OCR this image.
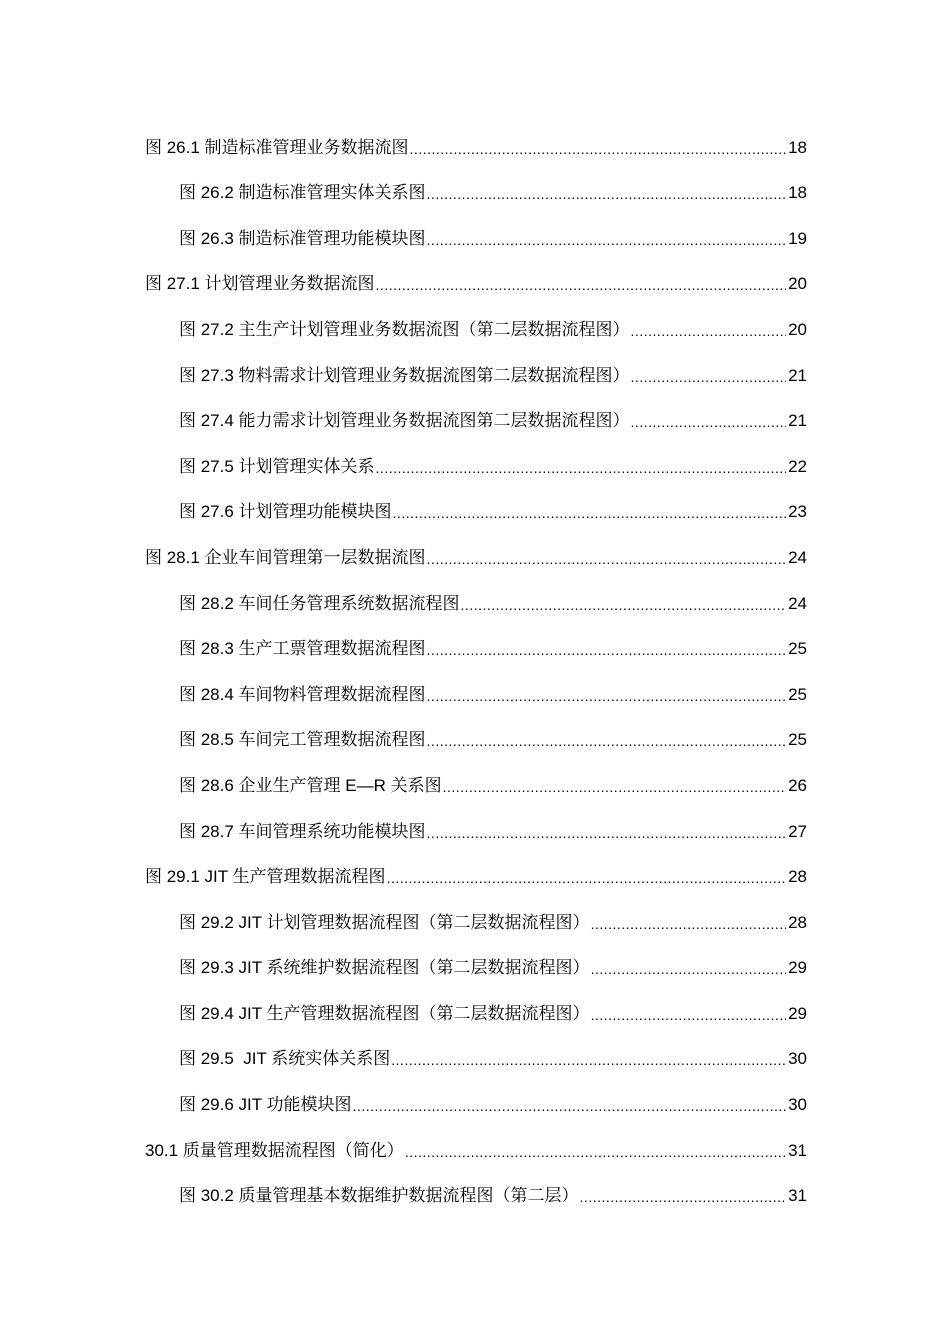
图 26.1 制造标准管理业务数据流图 .....	18
图 26.2 制造标准管理实体关系图 .....	18
图 26.3 制造标准管理功能模块图 .....	19
图 27.1 计划管理业务数据流图 .....	20
图 27.2 主生产计划管理业务数据流图（第二层数据流程图） .....	20
图 27.3 物料需求计划管理业务数据流图第二层数据流程图） .....	21
图 27.4 能力需求计划管理业务数据流图第二层数据流程图） .....	21
图 27.5 计划管理实体关系 .....	22
图 27.6 计划管理功能模块图 .....	23
图 28.1 企业车间管理第一层数据流图 .....	24
图 28.2 车间任务管理系统数据流程图 .....	24
图 28.3 生产工票管理数据流程图 .....	25
图 28.4 车间物料管理数据流程图 .....	25
图 28.5 车间完工管理数据流程图 .....	25
图 28.6 企业生产管理 E—R 关系图 .....	26
图 28.7 车间管理系统功能模块图 .....	27
图 29.1 JIT 生产管理数据流程图 .....	28
图 29.2 JIT 计划管理数据流程图（第二层数据流程图） .....	28
图 29.3 JIT 系统维护数据流程图（第二层数据流程图） .....	29
图 29.4 JIT 生产管理数据流程图（第二层数据流程图） .....	29
图 29.5  JIT 系统实体关系图 .....	30
图 29.6 JIT 功能模块图 .....	30
30.1 质量管理数据流程图（简化） .....	31
图 30.2 质量管理基本数据维护数据流程图（第二层） .....	31
